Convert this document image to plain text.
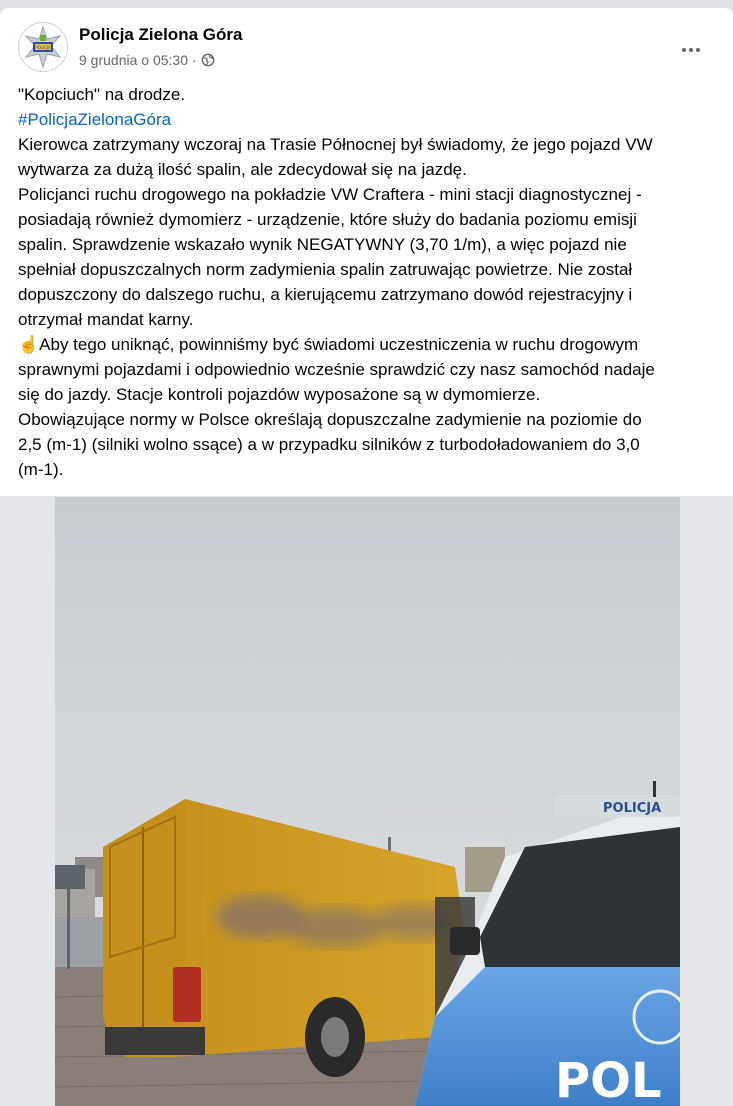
POLICJA
Policja Zielona Góra
9 grudnia o 05:30 ·
"Kopciuch" na drodze.
#PolicjaZielonaGóra
Kierowca zatrzymany wczoraj na Trasie Północnej był świadomy, że jego pojazd VW
wytwarza za dużą ilość spalin, ale zdecydował się na jazdę.
Policjanci ruchu drogowego na pokładzie VW Craftera - mini stacji diagnostycznej -
posiadają również dymomierz - urządzenie, które służy do badania poziomu emisji
spalin. Sprawdzenie wskazało wynik NEGATYWNY (3,70 1/m), a więc pojazd nie
spełniał dopuszczalnych norm zadymienia spalin zatruwając powietrze. Nie został
dopuszczony do dalszego ruchu, a kierującemu zatrzymano dowód rejestracyjny i
otrzymał mandat karny.
☝️Aby tego uniknąć, powinniśmy być świadomi uczestniczenia w ruchu drogowym
sprawnymi pojazdami i odpowiednio wcześnie sprawdzić czy nasz samochód nadaje
się do jazdy. Stacje kontroli pojazdów wyposażone są w dymomierze.
Obowiązujące normy w Polsce określają dopuszczalne zadymienie na poziomie do
2,5 (m-1) (silniki wolno ssące) a w przypadku silników z turbodoładowaniem do 3,0
(m-1).
POLICJA
POL
